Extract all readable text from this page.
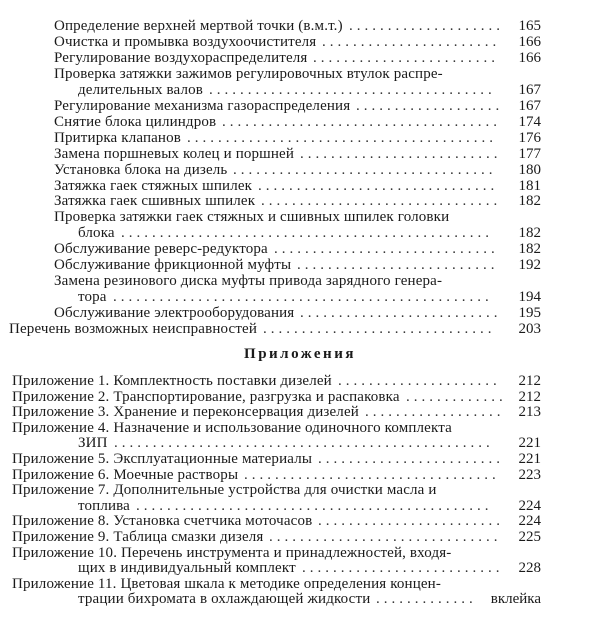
Определение верхней мертвой точки (в.м.т.) .................... 165
Очистка и промывка воздухоочистителя ....................... 166
Регулирование воздухораспределителя ........................ 166
Проверка затяжки зажимов регулировочных втулок распре-
делительных валов ..................................... 167
Регулирование механизма газораспределения ................... 167
Снятие блока цилиндров .................................... 174
Притирка клапанов ........................................ 176
Замена поршневых колец и поршней .......................... 177
Установка блока на дизель .................................. 180
Затяжка гаек стяжных шпилек ............................... 181
Затяжка гаек сшивных шпилек ............................... 182
Проверка затяжки гаек стяжных и сшивных шпилек головки
блока ................................................ 182
Обслуживание реверс-редуктора ............................. 182
Обслуживание фрикционной муфты .......................... 192
Замена резинового диска муфты привода зарядного генера-
тора ................................................. 194
Обслуживание электрооборудования .......................... 195
Перечень возможных неисправностей .............................. 203
Приложения
Приложение 1. Комплектность поставки дизелей ..................... 212
Приложение 2. Транспортирование, разгрузка и распаковка ............. 212
Приложение 3. Хранение и переконсервация дизелей .................. 213
Приложение 4. Назначение и использование одиночного комплекта
ЗИП ................................................. 221
Приложение 5. Эксплуатационные материалы ........................ 221
Приложение 6. Моечные растворы ................................. 223
Приложение 7. Дополнительные устройства для очистки масла и
топлива .............................................. 224
Приложение 8. Установка счетчика моточасов ........................ 224
Приложение 9. Таблица смазки дизеля .............................. 225
Приложение 10. Перечень инструмента и принадлежностей, входя-
щих в индивидуальный комплект .......................... 228
Приложение 11. Цветовая шкала к методике определения концен-
трации бихромата в охлаждающей жидкости ............. вклейка
